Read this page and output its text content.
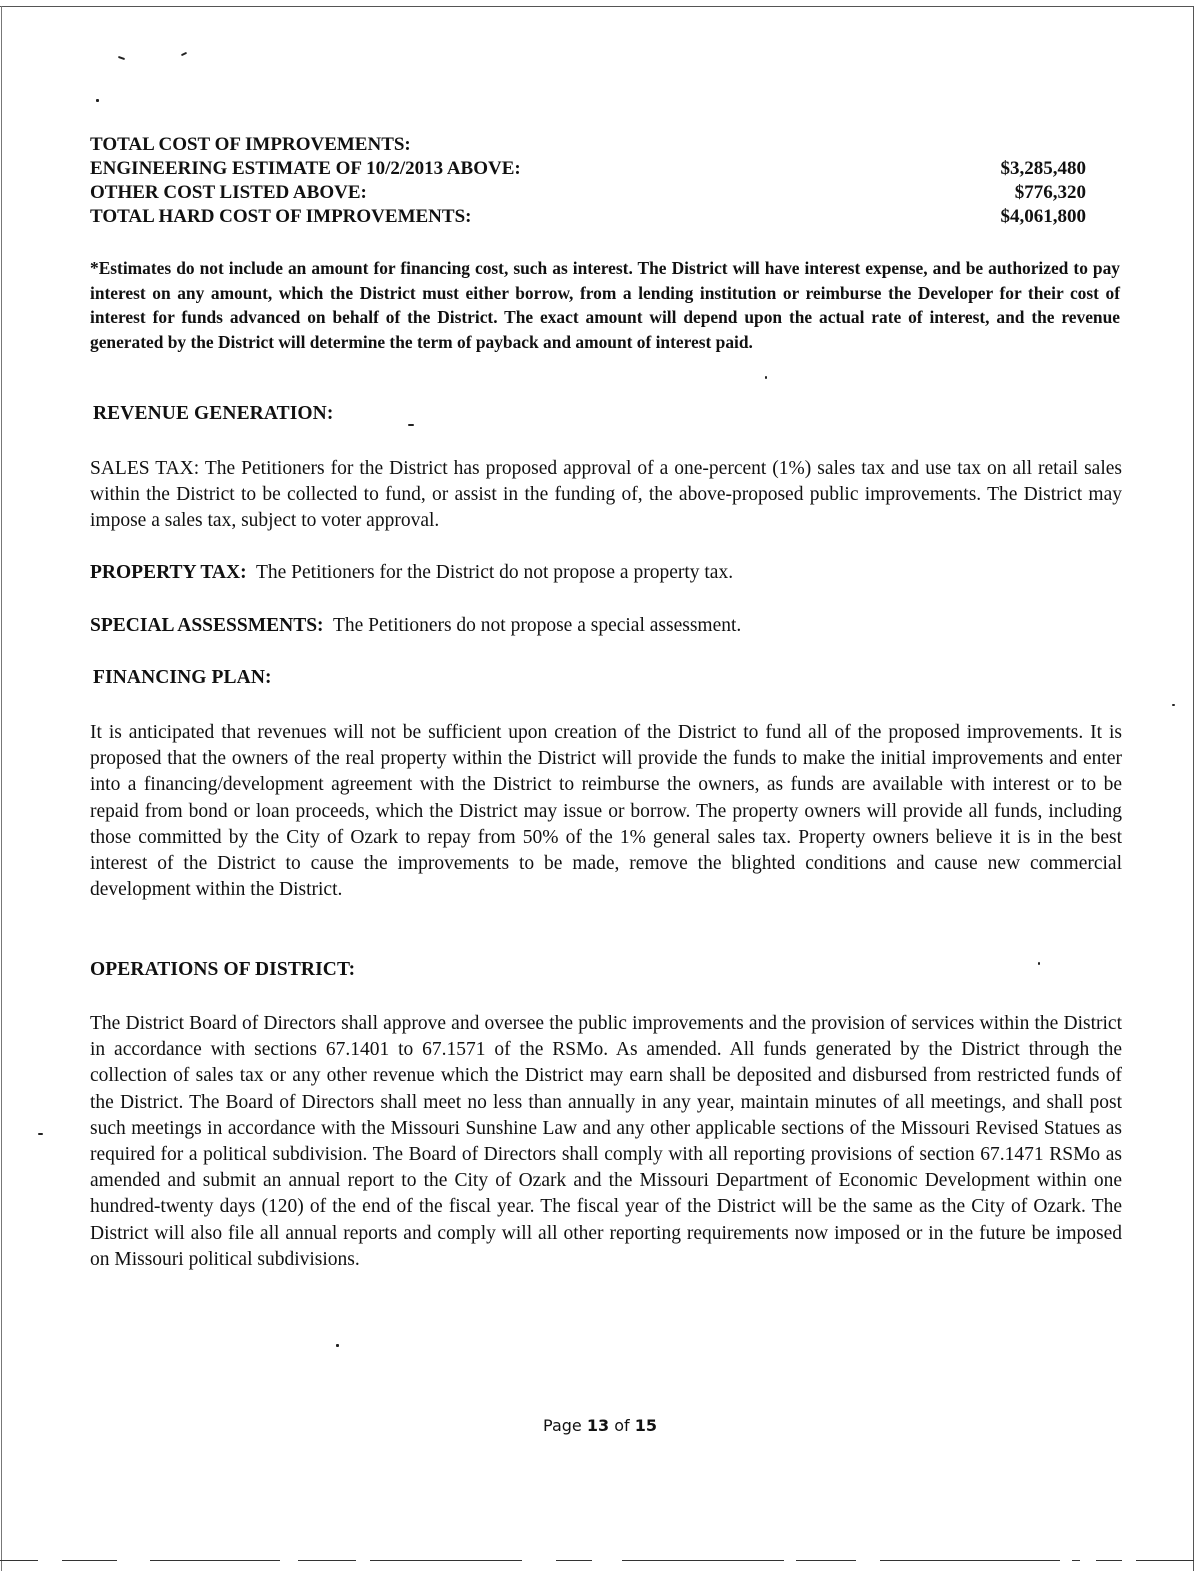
TOTAL COST OF IMPROVEMENTS:
ENGINEERING ESTIMATE OF 10/2/2013 ABOVE:	$3,285,480
OTHER COST LISTED ABOVE:	$776,320
TOTAL HARD COST OF IMPROVEMENTS:	$4,061,800
*Estimates do not include an amount for financing cost, such as interest. The District will have interest expense, and be authorized to pay interest on any amount, which the District must either borrow, from a lending institution or reimburse the Developer for their cost of interest for funds advanced on behalf of the District. The exact amount will depend upon the actual rate of interest, and the revenue generated by the District will determine the term of payback and amount of interest paid.
REVENUE GENERATION:
SALES TAX: The Petitioners for the District has proposed approval of a one-percent (1%) sales tax and use tax on all retail sales within the District to be collected to fund, or assist in the funding of, the above-proposed public improvements. The District may impose a sales tax, subject to voter approval.
PROPERTY TAX:  The Petitioners for the District do not propose a property tax.
SPECIAL ASSESSMENTS:  The Petitioners do not propose a special assessment.
FINANCING PLAN:
It is anticipated that revenues will not be sufficient upon creation of the District to fund all of the proposed improvements. It is proposed that the owners of the real property within the District will provide the funds to make the initial improvements and enter into a financing/development agreement with the District to reimburse the owners, as funds are available with interest or to be repaid from bond or loan proceeds, which the District may issue or borrow. The property owners will provide all funds, including those committed by the City of Ozark to repay from 50% of the 1% general sales tax. Property owners believe it is in the best interest of the District to cause the improvements to be made, remove the blighted conditions and cause new commercial development within the District.
OPERATIONS OF DISTRICT:
The District Board of Directors shall approve and oversee the public improvements and the provision of services within the District in accordance with sections 67.1401 to 67.1571 of the RSMo. As amended. All funds generated by the District through the collection of sales tax or any other revenue which the District may earn shall be deposited and disbursed from restricted funds of the District. The Board of Directors shall meet no less than annually in any year, maintain minutes of all meetings, and shall post such meetings in accordance with the Missouri Sunshine Law and any other applicable sections of the Missouri Revised Statues as required for a political subdivision. The Board of Directors shall comply with all reporting provisions of section 67.1471 RSMo as amended and submit an annual report to the City of Ozark and the Missouri Department of Economic Development within one hundred-twenty days (120) of the end of the fiscal year. The fiscal year of the District will be the same as the City of Ozark. The District will also file all annual reports and comply will all other reporting requirements now imposed or in the future be imposed on Missouri political subdivisions.
Page 13 of 15
